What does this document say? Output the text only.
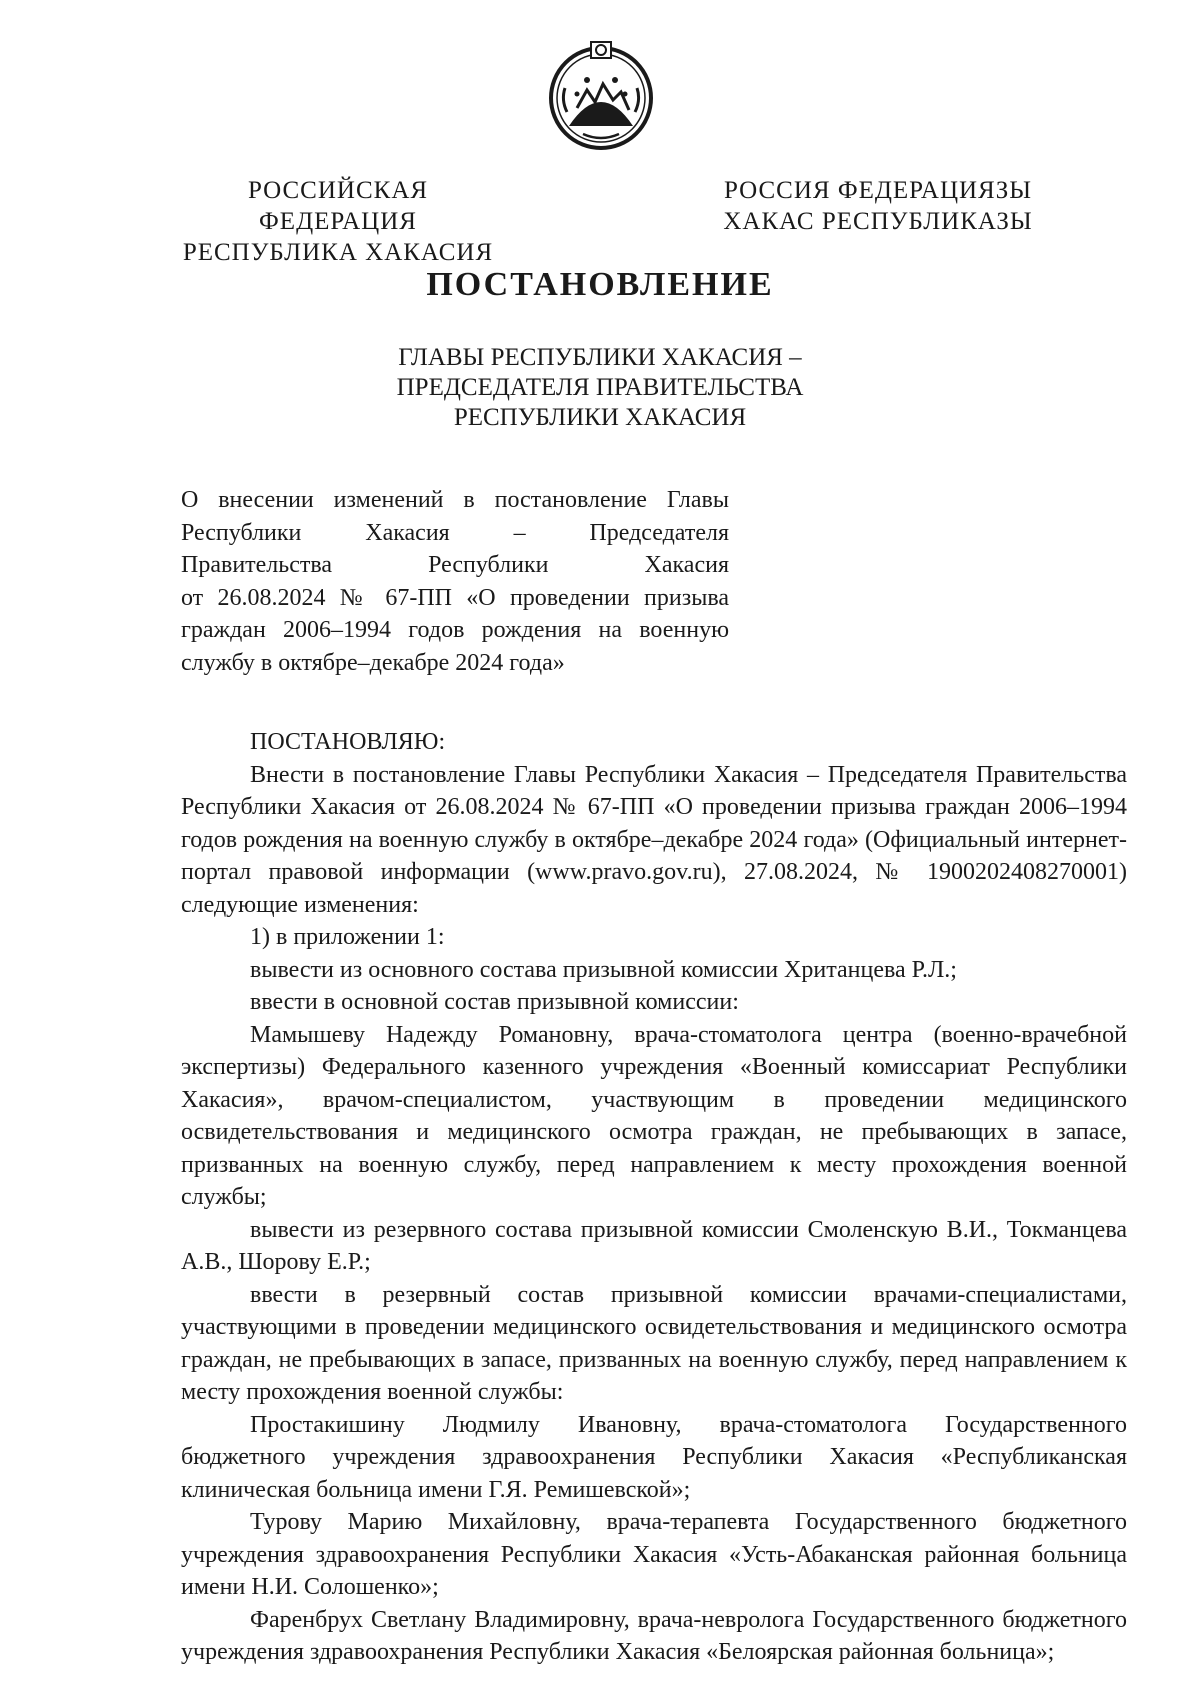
РОССИЙСКАЯ ФЕДЕРАЦИЯ
РЕСПУБЛИКА ХАКАСИЯ
РОССИЯ ФЕДЕРАЦИЯЗЫ
ХАКАС РЕСПУБЛИКАЗЫ
ПОСТАНОВЛЕНИЕ
ГЛАВЫ РЕСПУБЛИКИ ХАКАСИЯ –
ПРЕДСЕДАТЕЛЯ ПРАВИТЕЛЬСТВА
РЕСПУБЛИКИ ХАКАСИЯ
О внесении изменений в постановление Главы
Республики Хакасия – Председателя
Правительства Республики Хакасия
от 26.08.2024 № 67-ПП «О проведении призыва
граждан 2006–1994 годов рождения на военную
службу в октябре–декабре 2024 года»

ПОСТАНОВЛЯЮ:

Внести в постановление Главы Республики Хакасия – Председателя Правительства Республики Хакасия от 26.08.2024 № 67-ПП «О проведении призыва граждан 2006–1994 годов рождения на военную службу в октябре–декабре 2024 года» (Официальный интернет-портал правовой информации (www.pravo.gov.ru), 27.08.2024, № 1900202408270001) следующие изменения:

1) в приложении 1:

вывести из основного состава призывной комиссии Хританцева Р.Л.;

ввести в основной состав призывной комиссии:

Мамышеву Надежду Романовну, врача-стоматолога центра (военно-врачебной экспертизы) Федерального казенного учреждения «Военный комиссариат Республики Хакасия», врачом-специалистом, участвующим в проведении медицинского освидетельствования и медицинского осмотра граждан, не пребывающих в запасе, призванных на военную службу, перед направлением к месту прохождения военной службы;

вывести из резервного состава призывной комиссии Смоленскую В.И., Токманцева А.В., Шорову Е.Р.;

ввести в резервный состав призывной комиссии врачами-специалистами, участвующими в проведении медицинского освидетельствования и медицинского осмотра граждан, не пребывающих в запасе, призванных на военную службу, перед направлением к месту прохождения военной службы:

Простакишину Людмилу Ивановну, врача-стоматолога Государственного бюджетного учреждения здравоохранения Республики Хакасия «Республиканская клиническая больница имени Г.Я. Ремишевской»;

Турову Марию Михайловну, врача-терапевта Государственного бюджетного учреждения здравоохранения Республики Хакасия «Усть-Абаканская районная больница имени Н.И. Солошенко»;

Фаренбрух Светлану Владимировну, врача-невролога Государственного бюджетного учреждения здравоохранения Республики Хакасия «Белоярская районная больница»;
